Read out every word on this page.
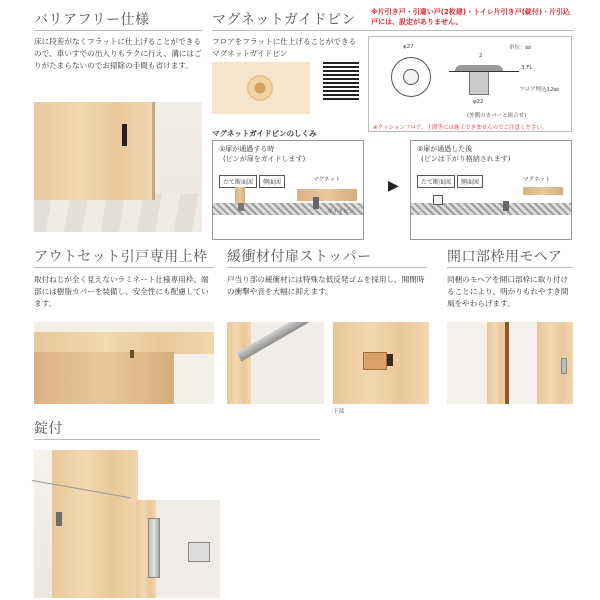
バリアフリー仕様
床に段差がなくフラットに仕上げることができるので、車いすでの出入りもラクに行え、溝にはごりがたまらないのでお掃除の手間も省けます。
マグネットガイドピン ※片引き戸・引違い戸(2枚建)・トイレ片引き戸(錠付)・片引込戸には、設定がありません。
フロアをフラットに仕上げることができるマグネットガイドピン
単位：㎜
φ27
2
3 FL
フロア埋込12㎜
φ22
(外側のカバーと組合せ)
※クッションフロア、土間等には施工できませんのでご注意ください。
マグネットガイドピンのしくみ
①扉が通過する時
(ピンが扉をガイドします)
たて断面図	側面図	マグネット
ガイドピン
▶
②扉が通過した後
(ピンは下がり格納されます)
たて断面図	側面図	マグネット
アウトセット引戸専用上枠
取付ねじが全く見えないラミネート仕様専用枠。端部には樹脂カバーを装備し、安全性にも配慮しています。
緩衝材付扉ストッパー
戸当り部の緩衝材には特殊な低反発ゴムを採用し、開閉時の衝撃や音を大幅に抑えます。
下部
開口部枠用モヘア
同梱のモヘアを開口部枠に取り付けることにより、明かりもれやすき間風をやわらげます。
錠付
